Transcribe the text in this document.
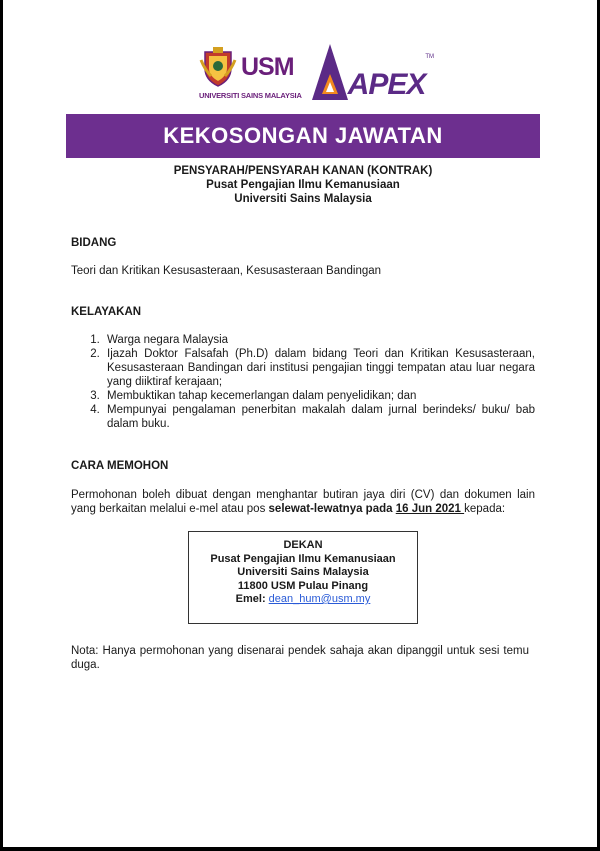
USM
UNIVERSITI SAINS MALAYSIA APEX
TM
KEKOSONGAN JAWATAN
PENSYARAH/PENSYARAH KANAN (KONTRAK)
Pusat Pengajian Ilmu Kemanusiaan
Universiti Sains Malaysia
BIDANG
Teori dan Kritikan Kesusasteraan, Kesusasteraan Bandingan
KELAYAKAN
1. Warga negara Malaysia
2. Ijazah Doktor Falsafah (Ph.D) dalam bidang Teori dan Kritikan Kesusasteraan, Kesusasteraan Bandingan dari institusi pengajian tinggi tempatan atau luar negara yang diiktiraf kerajaan;
3. Membuktikan tahap kecemerlangan dalam penyelidikan; dan
4. Mempunyai pengalaman penerbitan makalah dalam jurnal berindeks/ buku/ bab dalam buku.
CARA MEMOHON
Permohonan boleh dibuat dengan menghantar butiran jaya diri (CV) dan dokumen lain yang berkaitan melalui e-mel atau pos selewat-lewatnya pada 16 Jun 2021 kepada:
DEKAN
Pusat Pengajian Ilmu Kemanusiaan
Universiti Sains Malaysia
11800 USM Pulau Pinang
Emel: dean_hum@usm.my
Nota: Hanya permohonan yang disenarai pendek sahaja akan dipanggil untuk sesi temu duga.
